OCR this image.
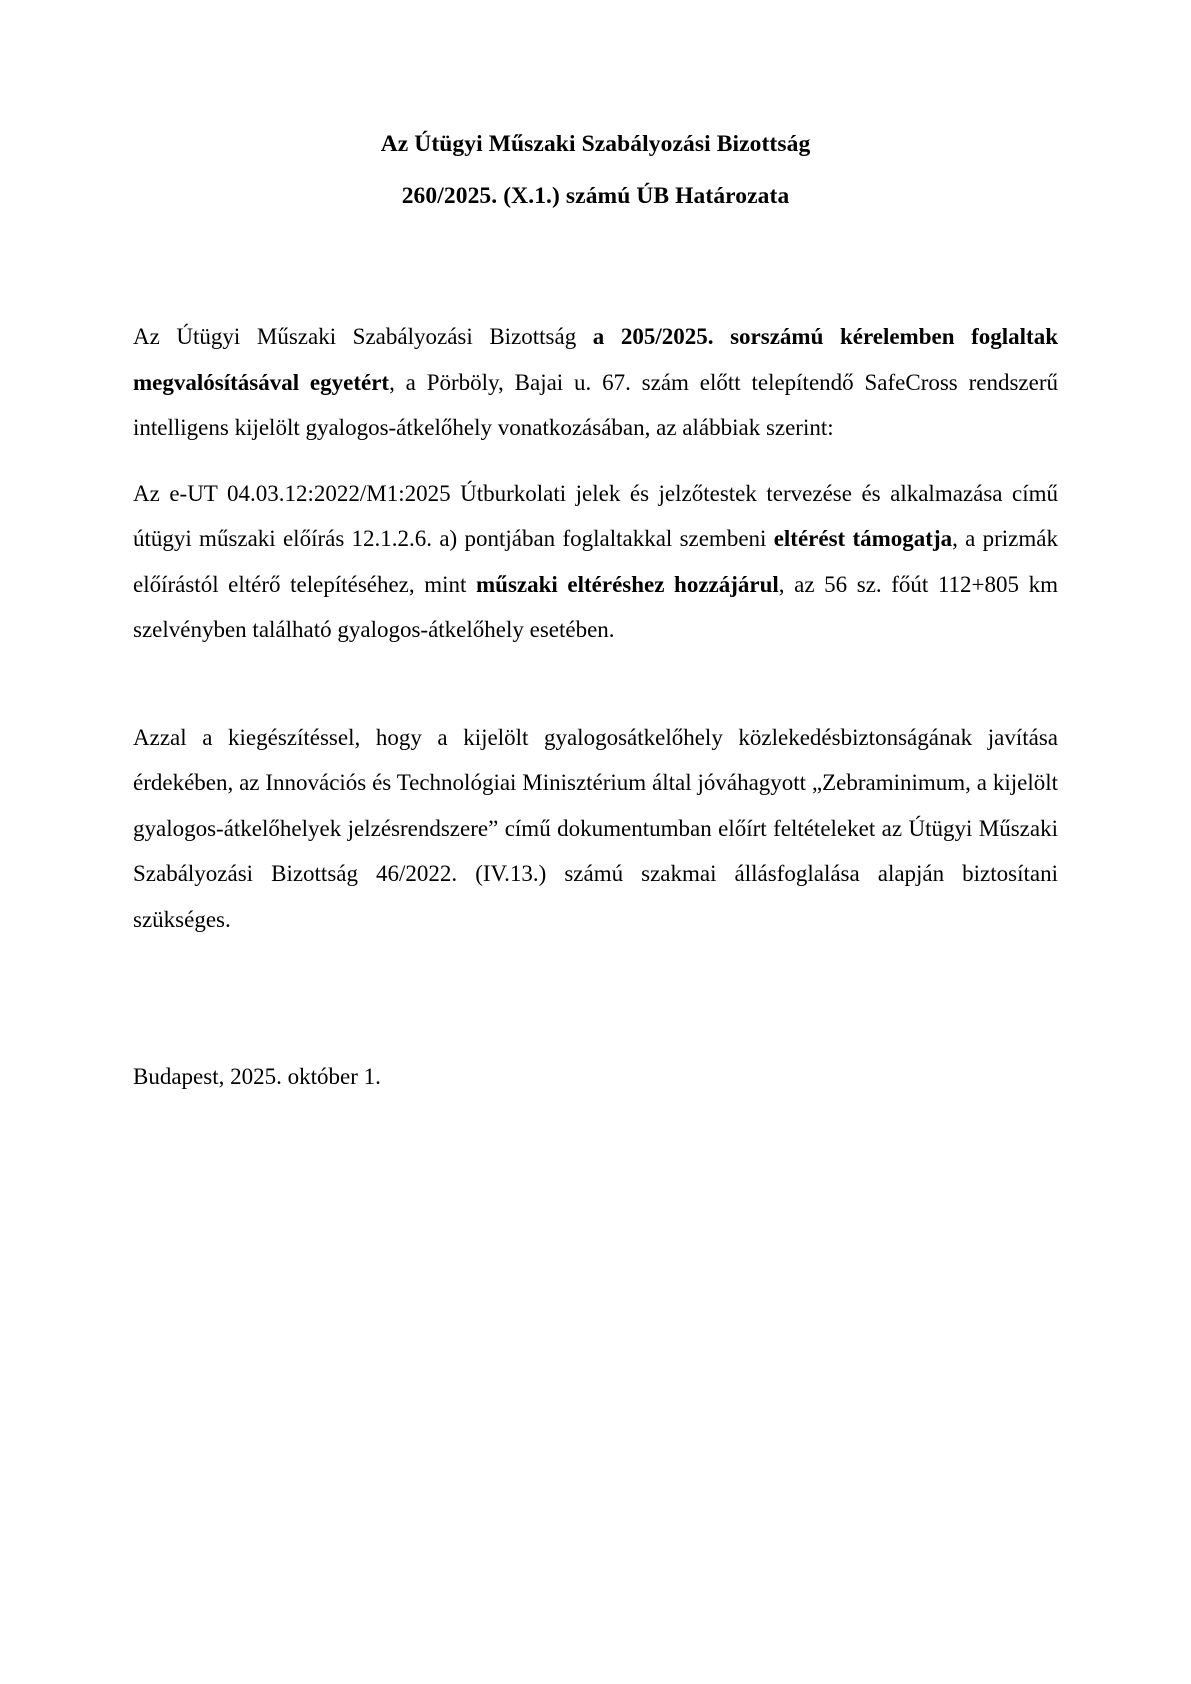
Az Útügyi Műszaki Szabályozási Bizottság
260/2025. (X.1.) számú ÚB Határozata

Az Útügyi Műszaki Szabályozási Bizottság a 205/2025. sorszámú kérelemben foglaltak megvalósításával egyetért, a Pörböly, Bajai u. 67. szám előtt telepítendő SafeCross rendszerű intelligens kijelölt gyalogos-átkelőhely vonatkozásában, az alábbiak szerint:

Az e-UT 04.03.12:2022/M1:2025 Útburkolati jelek és jelzőtestek tervezése és alkalmazása című útügyi műszaki előírás 12.1.2.6. a) pontjában foglaltakkal szembeni eltérést támogatja, a prizmák előírástól eltérő telepítéséhez, mint műszaki eltéréshez hozzájárul, az 56 sz. főút 112+805 km szelvényben található gyalogos-átkelőhely esetében.

Azzal a kiegészítéssel, hogy a kijelölt gyalogosátkelőhely közlekedésbiztonságának javítása érdekében, az Innovációs és Technológiai Minisztérium által jóváhagyott „Zebraminimum, a kijelölt gyalogos-átkelőhelyek jelzésrendszere” című dokumentumban előírt feltételeket az Útügyi Műszaki Szabályozási Bizottság 46/2022. (IV.13.) számú szakmai állásfoglalása alapján biztosítani szükséges.

Budapest, 2025. október 1.
